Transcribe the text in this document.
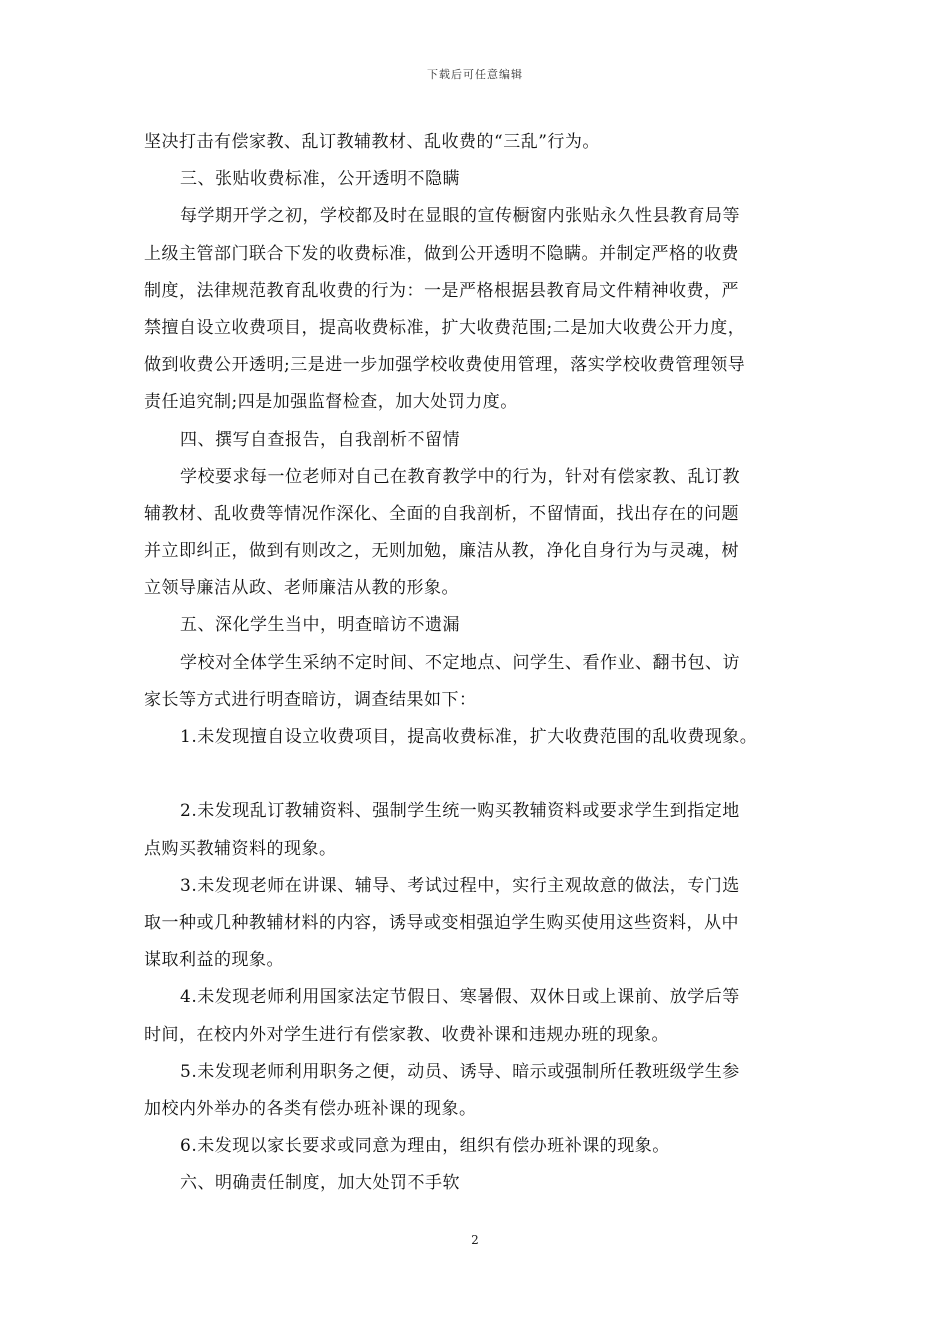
下载后可任意编辑
坚决打击有偿家教、乱订教辅教材、乱收费的“三乱”行为。
三、张贴收费标准，公开透明不隐瞒
每学期开学之初，学校都及时在显眼的宣传橱窗内张贴永久性县教育局等
上级主管部门联合下发的收费标准，做到公开透明不隐瞒。并制定严格的收费
制度，法律规范教育乱收费的行为：一是严格根据县教育局文件精神收费，严
禁擅自设立收费项目，提高收费标准，扩大收费范围;二是加大收费公开力度，
做到收费公开透明;三是进一步加强学校收费使用管理，落实学校收费管理领导
责任追究制;四是加强监督检查，加大处罚力度。
四、撰写自查报告，自我剖析不留情
学校要求每一位老师对自己在教育教学中的行为，针对有偿家教、乱订教
辅教材、乱收费等情况作深化、全面的自我剖析，不留情面，找出存在的问题
并立即纠正，做到有则改之，无则加勉，廉洁从教，净化自身行为与灵魂，树
立领导廉洁从政、老师廉洁从教的形象。
五、深化学生当中，明查暗访不遗漏
学校对全体学生采纳不定时间、不定地点、问学生、看作业、翻书包、访
家长等方式进行明查暗访，调查结果如下：
1.未发现擅自设立收费项目，提高收费标准，扩大收费范围的乱收费现象。
2.未发现乱订教辅资料、强制学生统一购买教辅资料或要求学生到指定地
点购买教辅资料的现象。
3.未发现老师在讲课、辅导、考试过程中，实行主观故意的做法，专门选
取一种或几种教辅材料的内容，诱导或变相强迫学生购买使用这些资料，从中
谋取利益的现象。
4.未发现老师利用国家法定节假日、寒暑假、双休日或上课前、放学后等
时间，在校内外对学生进行有偿家教、收费补课和违规办班的现象。
5.未发现老师利用职务之便，动员、诱导、暗示或强制所任教班级学生参
加校内外举办的各类有偿办班补课的现象。
6.未发现以家长要求或同意为理由，组织有偿办班补课的现象。
六、明确责任制度，加大处罚不手软
2
